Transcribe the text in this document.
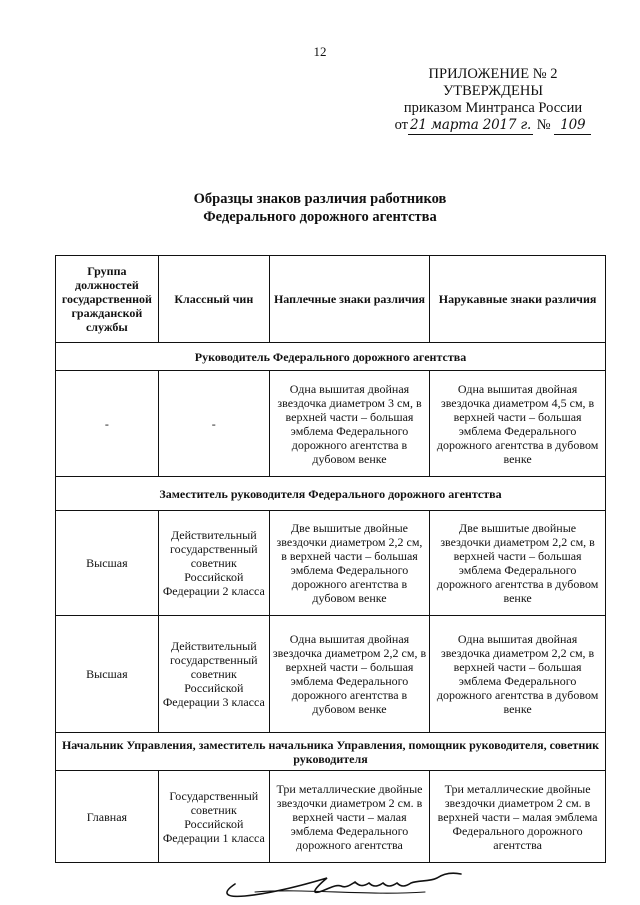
12
ПРИЛОЖЕНИЕ № 2
УТВЕРЖДЕНЫ
приказом Минтранса России
от 21 марта 2017 г. № 109
Образцы знаков различия работников
Федерального дорожного агентства
Группа должностей государственной гражданской службы	Классный чин	Наплечные знаки различия	Нарукавные знаки различия
Руководитель Федерального дорожного агентства			
-	-	Одна вышитая двойная звездочка диаметром 3 см, в верхней части – большая эмблема Федерального дорожного агентства в дубовом венке	Одна вышитая двойная звездочка диаметром 4,5 см, в верхней части – большая эмблема Федерального дорожного агентства в дубовом венке
Заместитель руководителя Федерального дорожного агентства			
Высшая	Действительный государственный советник Российской Федерации 2 класса	Две вышитые двойные звездочки диаметром 2,2 см, в верхней части – большая эмблема Федерального дорожного агентства в дубовом венке	Две вышитые двойные звездочки диаметром 2,2 см, в верхней части – большая эмблема Федерального дорожного агентства в дубовом венке
Высшая	Действительный государственный советник Российской Федерации 3 класса	Одна вышитая двойная звездочка диаметром 2,2 см, в верхней части – большая эмблема Федерального дорожного агентства в дубовом венке	Одна вышитая двойная звездочка диаметром 2,2 см, в верхней части – большая эмблема Федерального дорожного агентства в дубовом венке
Начальник Управления, заместитель начальника Управления, помощник руководителя, советник руководителя			
Главная	Государственный советник Российской Федерации 1 класса	Три металлические двойные звездочки диаметром 2 см. в верхней части – малая эмблема Федерального дорожного агентства	Три металлические двойные звездочки диаметром 2 см. в верхней части – малая эмблема Федерального дорожного агентства
